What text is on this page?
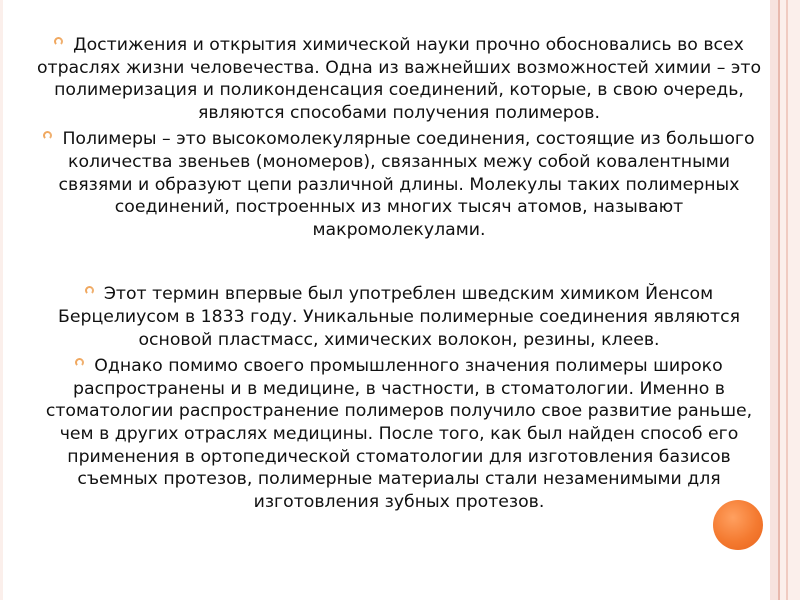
Достижения и открытия химической науки прочно обосновались во всех отраслях жизни человечества. Одна из важнейших возможностей химии – это полимеризация и поликонденсация соединений, которые, в свою очередь, являются способами получения полимеров.

Полимеры – это высокомолекулярные соединения, состоящие из большого количества звеньев (мономеров), связанных межу собой ковалентными связями и образуют цепи различной длины. Молекулы таких полимерных соединений, построенных из многих тысяч атомов, называют макромолекулами.

Этот термин впервые был употреблен шведским химиком Йенсом Берцелиусом в 1833 году. Уникальные полимерные соединения являются основой пластмасс, химических волокон, резины, клеев.

Однако помимо своего промышленного значения полимеры широко распространены и в медицине, в частности, в стоматологии. Именно в стоматологии распространение полимеров получило свое развитие раньше, чем в других отраслях медицины. После того, как был найден способ его применения в ортопедической стоматологии для изготовления базисов съемных протезов, полимерные материалы стали незаменимыми для изготовления зубных протезов.
